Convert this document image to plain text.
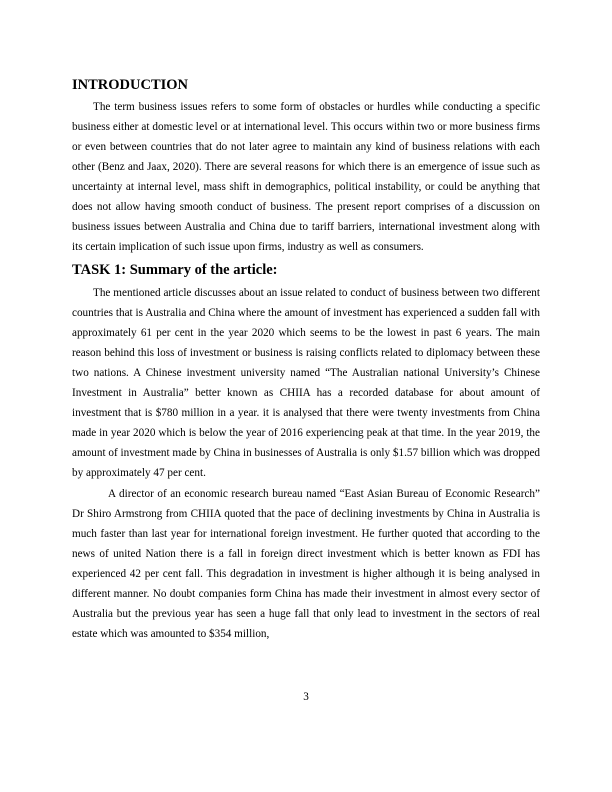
INTRODUCTION

The term business issues refers to some form of obstacles or hurdles while conducting a specific business either at domestic level or at international level. This occurs within two or more business firms or even between countries that do not later agree to maintain any kind of business relations with each other (Benz and Jaax, 2020). There are several reasons for which there is an emergence of issue such as uncertainty at internal level, mass shift in demographics, political instability, or could be anything that does not allow having smooth conduct of business. The present report comprises of a discussion on business issues between Australia and China due to tariff barriers, international investment along with its certain implication of such issue upon firms, industry as well as consumers.

TASK 1: Summary of the article:

The mentioned article discusses about an issue related to conduct of business between two different countries that is Australia and China where the amount of investment has experienced a sudden fall with approximately 61 per cent in the year 2020 which seems to be the lowest in past 6 years. The main reason behind this loss of investment or business is raising conflicts related to diplomacy between these two nations. A Chinese investment university named “The Australian national University’s Chinese Investment in Australia” better known as CHIIA has a recorded database for about amount of investment that is $780 million in a year. it is analysed that there were twenty investments from China made in year 2020 which is below the year of 2016 experiencing peak at that time. In the year 2019, the amount of investment made by China in businesses of Australia is only $1.57 billion which was dropped by approximately 47 per cent.

A director of an economic research bureau named “East Asian Bureau of Economic Research” Dr Shiro Armstrong from CHIIA quoted that the pace of declining investments by China in Australia is much faster than last year for international foreign investment. He further quoted that according to the news of united Nation there is a fall in foreign direct investment which is better known as FDI has experienced 42 per cent fall. This degradation in investment is higher although it is being analysed in different manner. No doubt companies form China has made their investment in almost every sector of Australia but the previous year has seen a huge fall that only lead to investment in the sectors of real estate which was amounted to $354 million,

3
